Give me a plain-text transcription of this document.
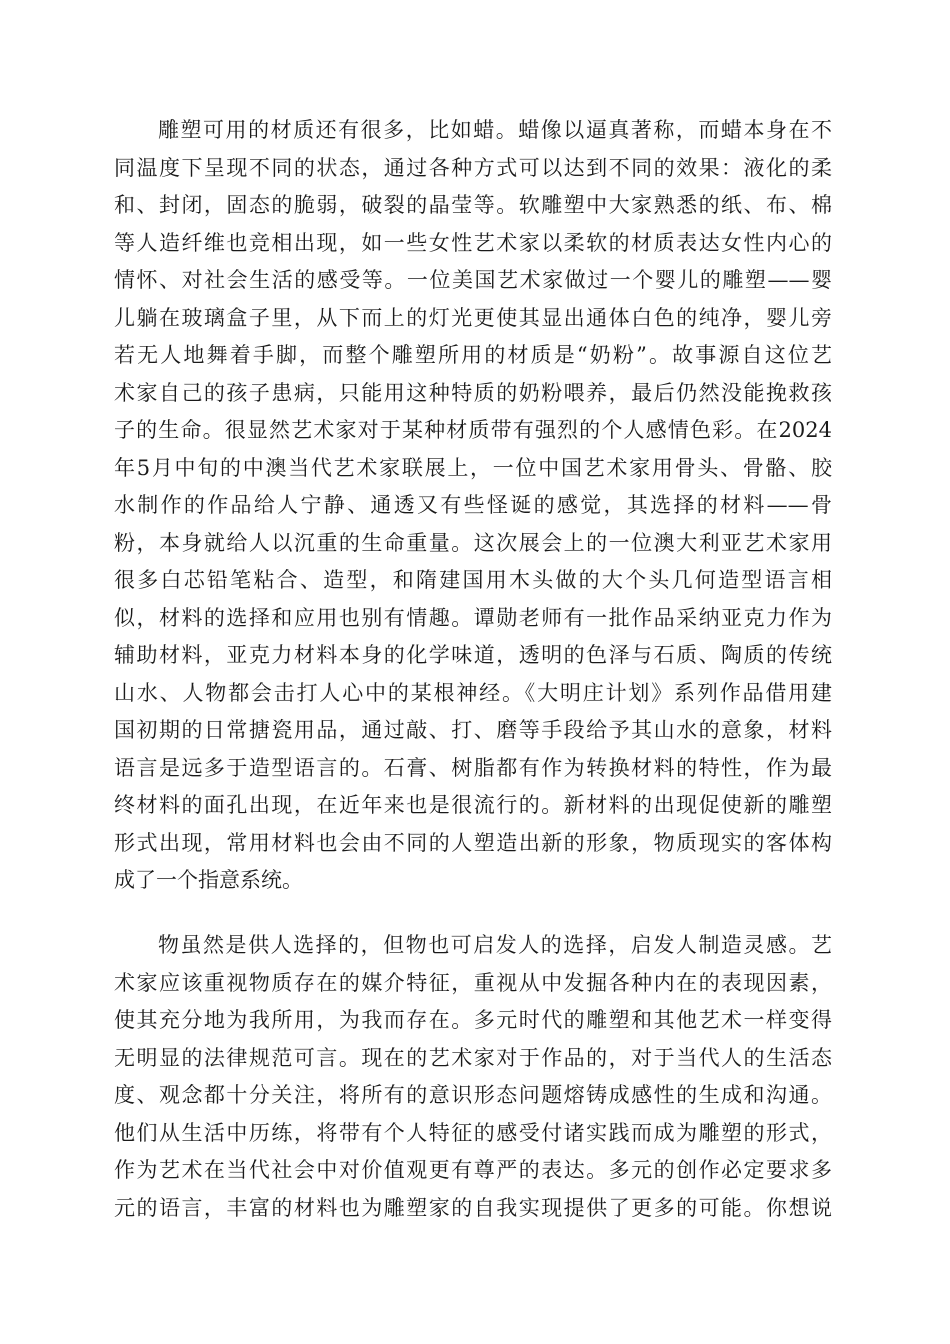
雕塑可用的材质还有很多，比如蜡。蜡像以逼真著称，而蜡本身在不
同温度下呈现不同的状态，通过各种方式可以达到不同的效果：液化的柔
和、封闭，固态的脆弱，破裂的晶莹等。软雕塑中大家熟悉的纸、布、棉
等人造纤维也竞相出现，如一些女性艺术家以柔软的材质表达女性内心的
情怀、对社会生活的感受等。一位美国艺术家做过一个婴儿的雕塑——婴
儿躺在玻璃盒子里，从下而上的灯光更使其显出通体白色的纯净，婴儿旁
若无人地舞着手脚，而整个雕塑所用的材质是“奶粉”。故事源自这位艺
术家自己的孩子患病，只能用这种特质的奶粉喂养，最后仍然没能挽救孩
子的生命。很显然艺术家对于某种材质带有强烈的个人感情色彩。在2024
年5月中旬的中澳当代艺术家联展上，一位中国艺术家用骨头、骨骼、胶
水制作的作品给人宁静、通透又有些怪诞的感觉，其选择的材料——骨
粉，本身就给人以沉重的生命重量。这次展会上的一位澳大利亚艺术家用
很多白芯铅笔粘合、造型，和隋建国用木头做的大个头几何造型语言相
似，材料的选择和应用也别有情趣。谭勋老师有一批作品采纳亚克力作为
辅助材料，亚克力材料本身的化学味道，透明的色泽与石质、陶质的传统
山水、人物都会击打人心中的某根神经。《大明庄计划》系列作品借用建
国初期的日常搪瓷用品，通过敲、打、磨等手段给予其山水的意象，材料
语言是远多于造型语言的。石膏、树脂都有作为转换材料的特性，作为最
终材料的面孔出现，在近年来也是很流行的。新材料的出现促使新的雕塑
形式出现，常用材料也会由不同的人塑造出新的形象，物质现实的客体构
成了一个指意系统。
物虽然是供人选择的，但物也可启发人的选择，启发人制造灵感。艺
术家应该重视物质存在的媒介特征，重视从中发掘各种内在的表现因素，
使其充分地为我所用，为我而存在。多元时代的雕塑和其他艺术一样变得
无明显的法律规范可言。现在的艺术家对于作品的，对于当代人的生活态
度、观念都十分关注，将所有的意识形态问题熔铸成感性的生成和沟通。
他们从生活中历练，将带有个人特征的感受付诸实践而成为雕塑的形式，
作为艺术在当代社会中对价值观更有尊严的表达。多元的创作必定要求多
元的语言，丰富的材料也为雕塑家的自我实现提供了更多的可能。你想说
